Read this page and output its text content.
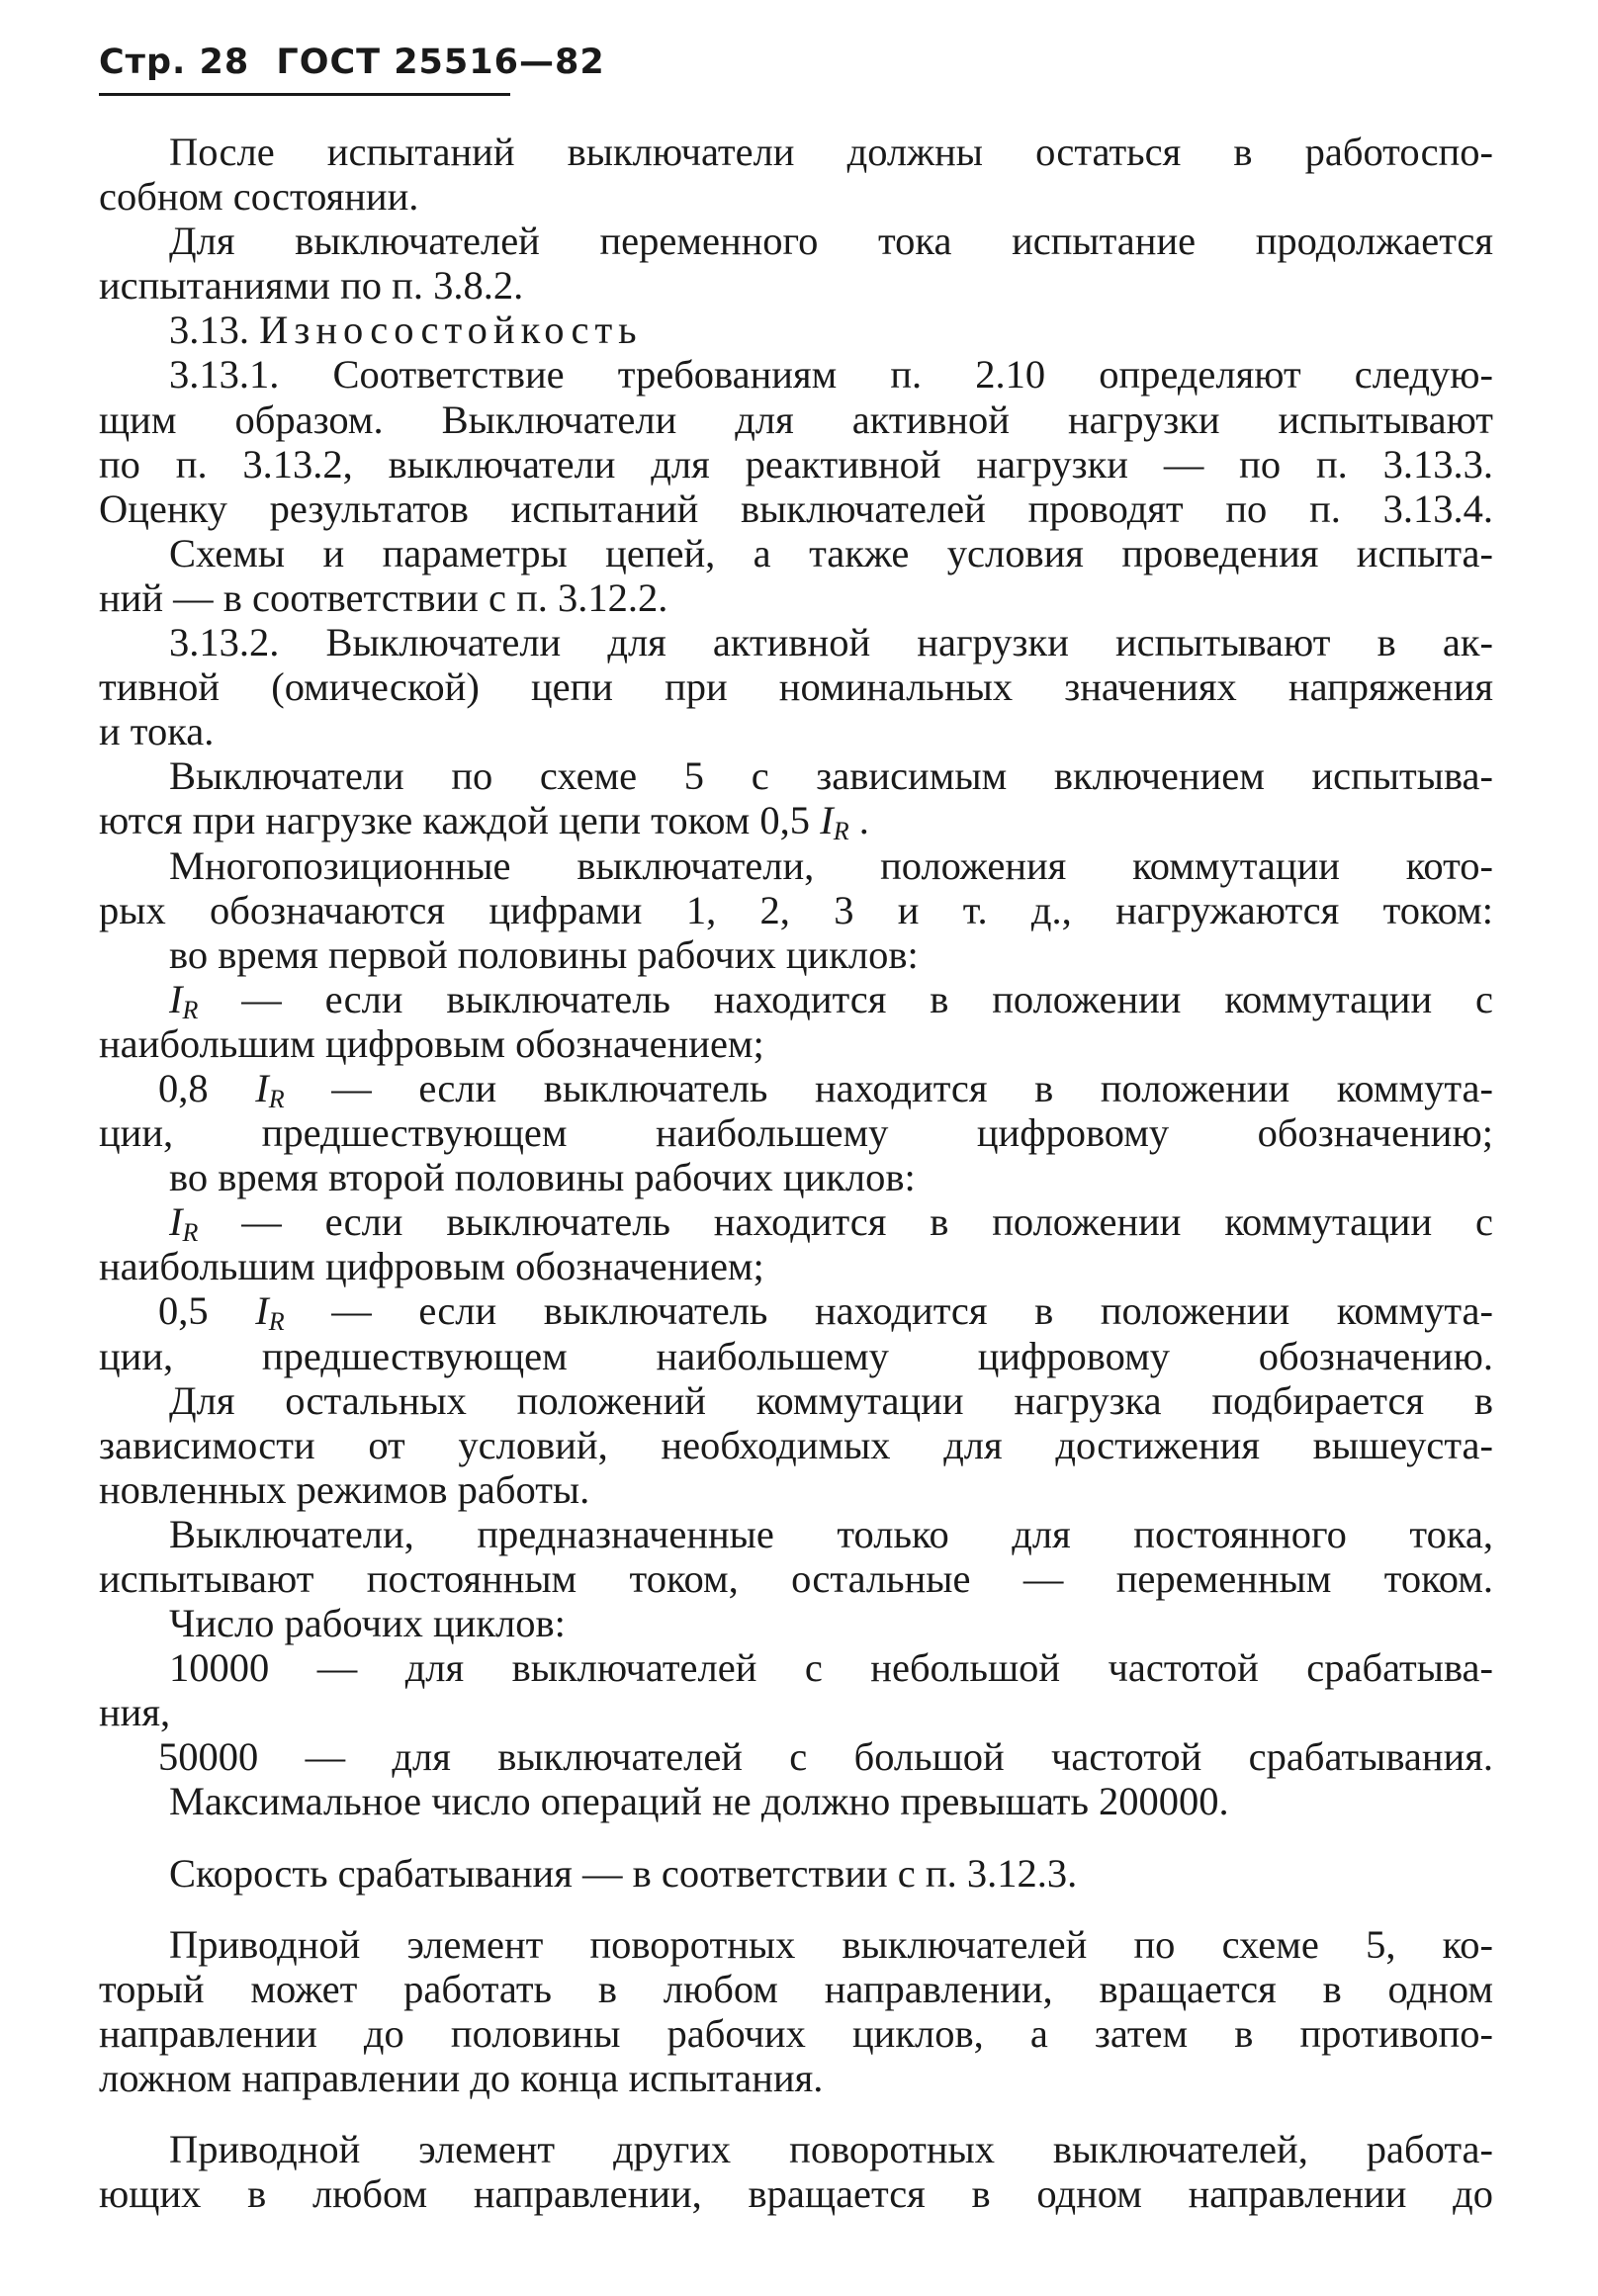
Стр. 28 ГОСТ 25516—82
После испытаний выключатели должны остаться в работоспо-
собном состоянии.
Для выключателей переменного тока испытание продолжается
испытаниями по п. 3.8.2.
3.13. Износостойкость
3.13.1. Соответствие требованиям п. 2.10 определяют следую-
щим образом. Выключатели для активной нагрузки испытывают
по п. 3.13.2, выключатели для реактивной нагрузки — по п. 3.13.3.
Оценку результатов испытаний выключателей проводят по п. 3.13.4.
Схемы и параметры цепей, а также условия проведения испыта-
ний — в соответствии с п. 3.12.2.
3.13.2. Выключатели для активной нагрузки испытывают в ак-
тивной (омической) цепи при номинальных значениях напряжения
и тока.
Выключатели по схеме 5 с зависимым включением испытыва-
ются при нагрузке каждой цепи током 0,5 $I_R$ .
Многопозиционные выключатели, положения коммутации кото-
рых обозначаются цифрами 1, 2, 3 и т. д., нагружаются током:
во время первой половины рабочих циклов:
$I_R$ — если выключатель находится в положении коммутации с
наибольшим цифровым обозначением;
0,8 $I_R$ — если выключатель находится в положении коммута-
ции, предшествующем наибольшему цифровому обозначению;
во время второй половины рабочих циклов:
$I_R$ — если выключатель находится в положении коммутации с
наибольшим цифровым обозначением;
0,5 $I_R$ — если выключатель находится в положении коммута-
ции, предшествующем наибольшему цифровому обозначению.
Для остальных положений коммутации нагрузка подбирается в
зависимости от условий, необходимых для достижения вышеуста-
новленных режимов работы.
Выключатели, предназначенные только для постоянного тока,
испытывают постоянным током, остальные — переменным током.
Число рабочих циклов:
10000 — для выключателей с небольшой частотой срабатыва-
ния,
50000 — для выключателей с большой частотой срабатывания.
Максимальное число операций не должно превышать 200000.
Скорость срабатывания — в соответствии с п. 3.12.3.
Приводной элемент поворотных выключателей по схеме 5, ко-
торый может работать в любом направлении, вращается в одном
направлении до половины рабочих циклов, а затем в противопо-
ложном направлении до конца испытания.
Приводной элемент других поворотных выключателей, работа-
ющих в любом направлении, вращается в одном направлении до
